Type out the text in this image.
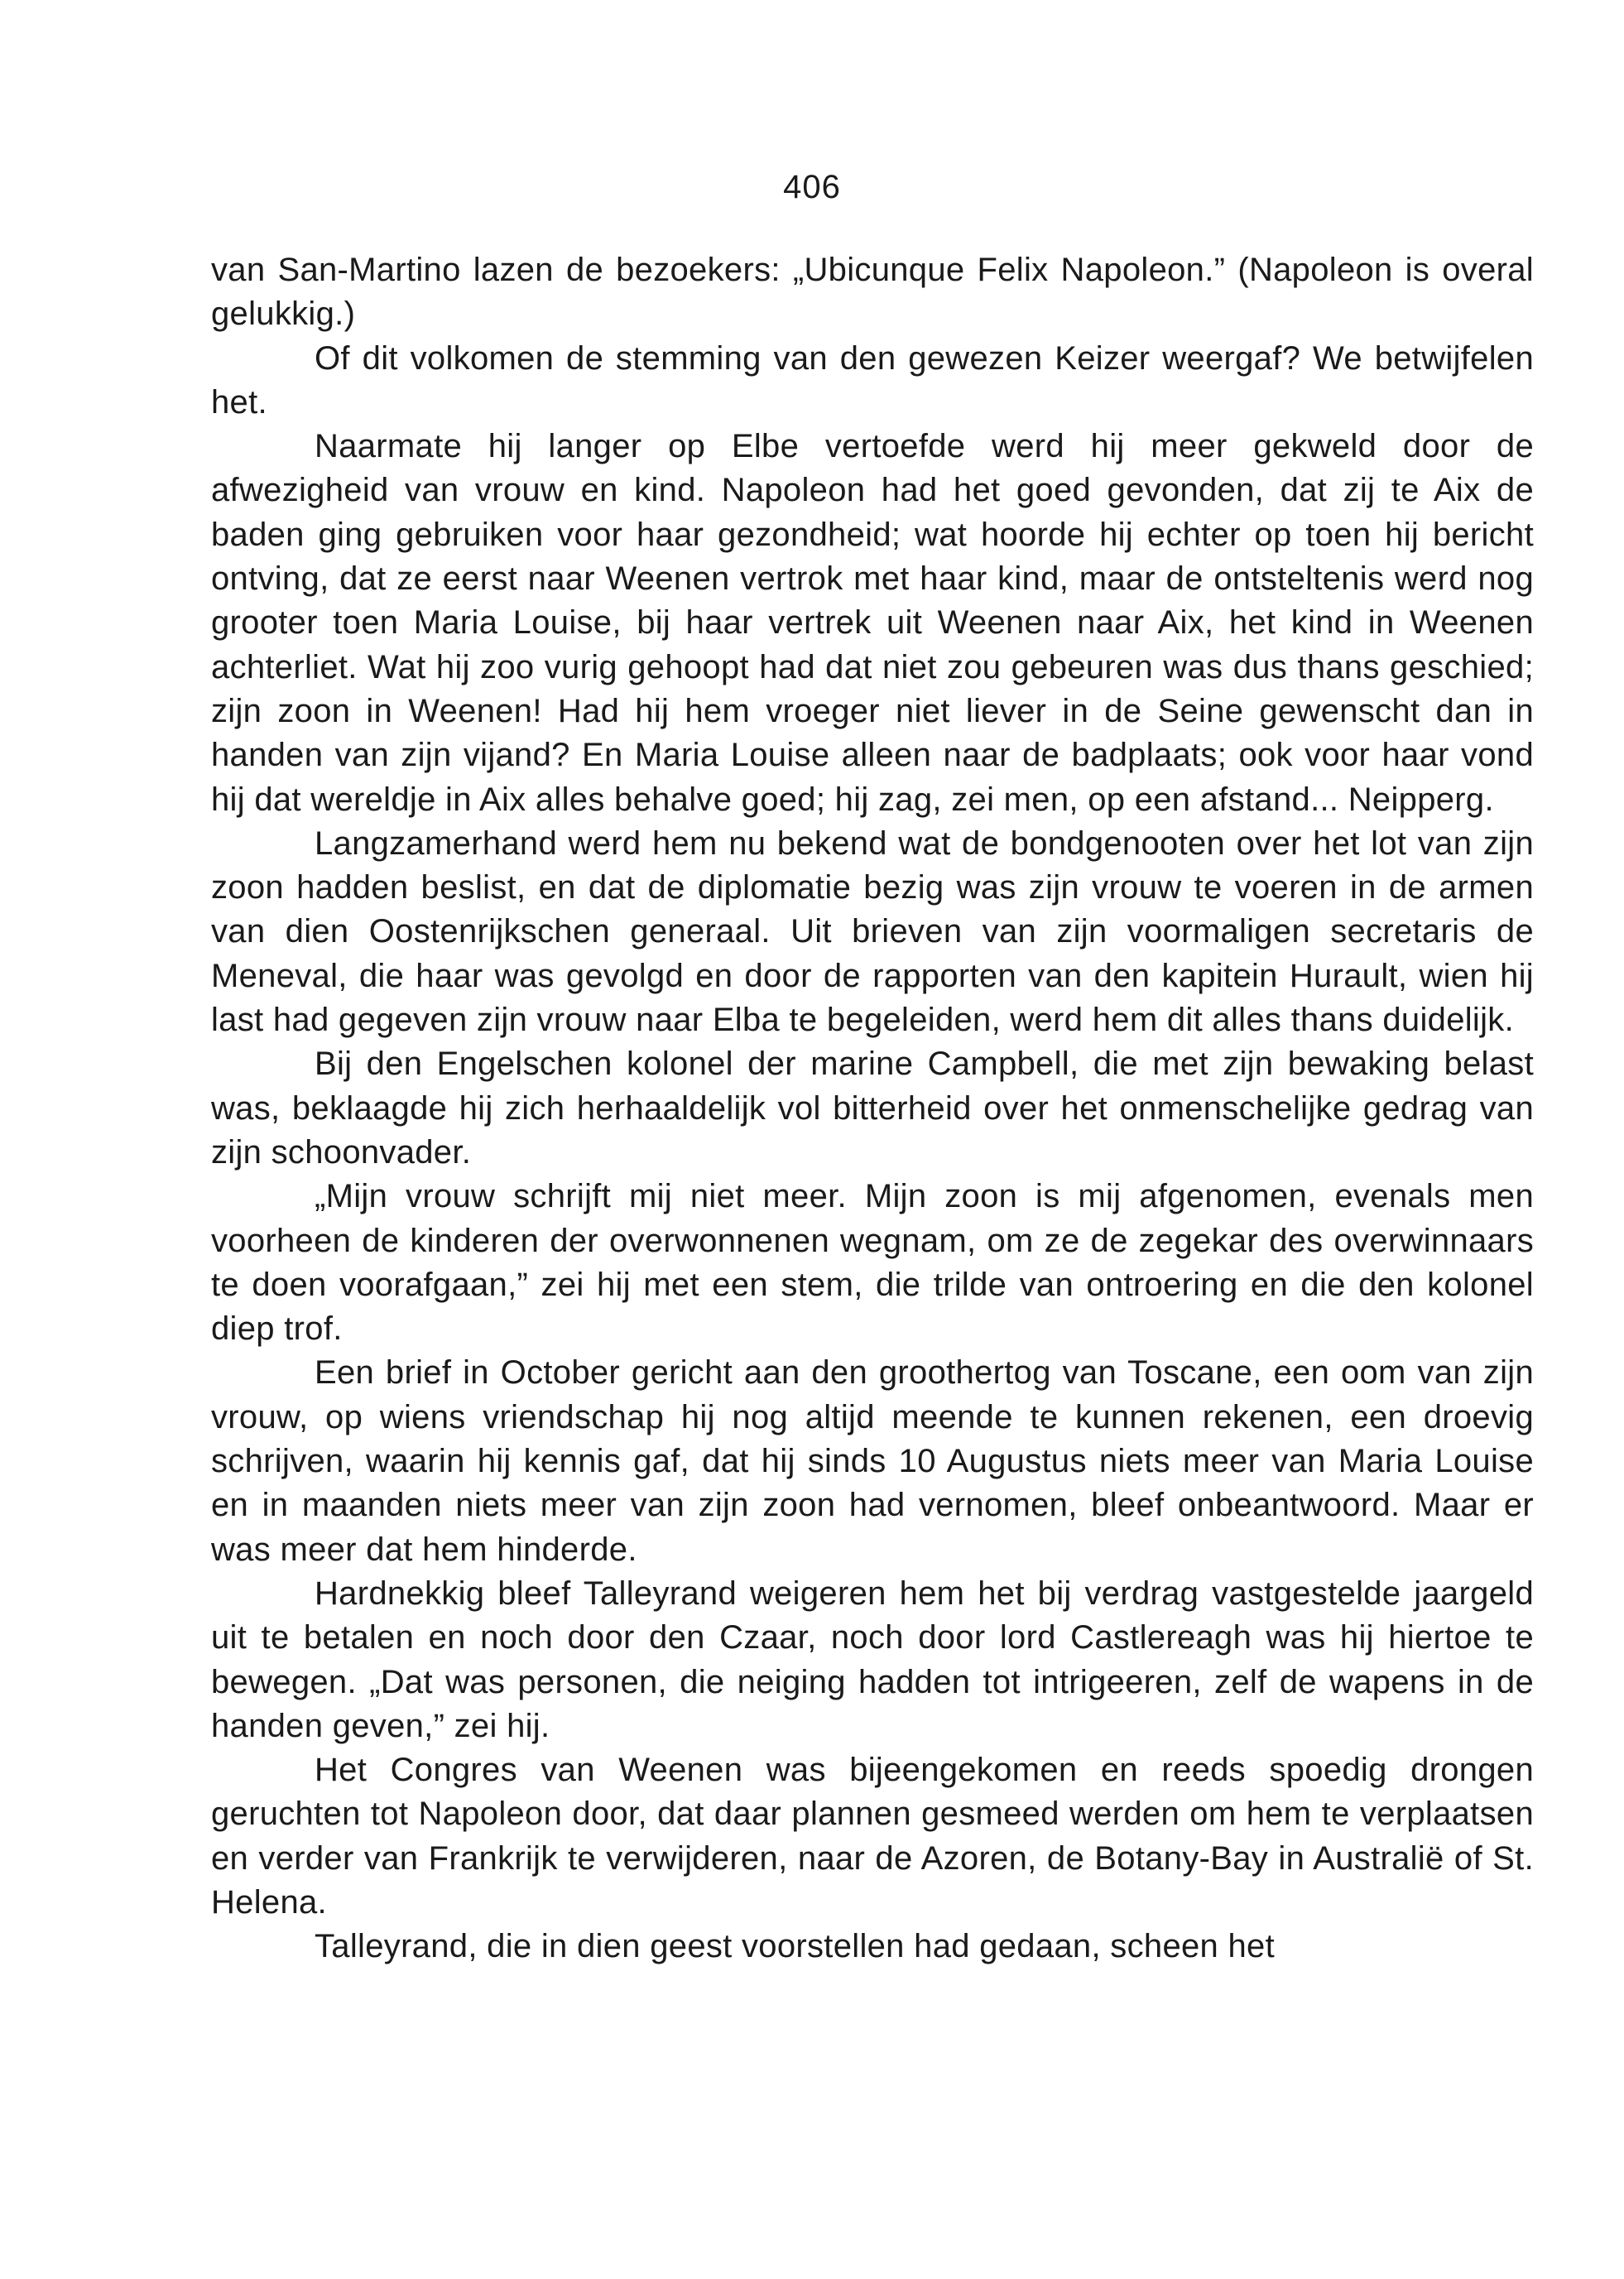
406

van San-Martino lazen de bezoekers: „Ubicunque Felix Napoleon.” (Napoleon is overal gelukkig.)

Of dit volkomen de stemming van den gewezen Keizer weergaf? We betwijfelen het.

Naarmate hij langer op Elbe vertoefde werd hij meer gekweld door de afwezigheid van vrouw en kind. Napoleon had het goed gevonden, dat zij te Aix de baden ging gebruiken voor haar gezondheid; wat hoorde hij echter op toen hij bericht ontving, dat ze eerst naar Weenen vertrok met haar kind, maar de ontsteltenis werd nog grooter toen Maria Louise, bij haar vertrek uit Weenen naar Aix, het kind in Weenen achterliet. Wat hij zoo vurig gehoopt had dat niet zou gebeuren was dus thans geschied; zijn zoon in Weenen! Had hij hem vroeger niet liever in de Seine gewenscht dan in handen van zijn vijand? En Maria Louise alleen naar de badplaats; ook voor haar vond hij dat wereldje in Aix alles behalve goed; hij zag, zei men, op een afstand... Neipperg.

Langzamerhand werd hem nu bekend wat de bondgenooten over het lot van zijn zoon hadden beslist, en dat de diplomatie bezig was zijn vrouw te voeren in de armen van dien Oostenrijkschen generaal. Uit brieven van zijn voormaligen secretaris de Meneval, die haar was gevolgd en door de rapporten van den kapitein Hurault, wien hij last had gegeven zijn vrouw naar Elba te begeleiden, werd hem dit alles thans duidelijk.

Bij den Engelschen kolonel der marine Campbell, die met zijn bewaking belast was, beklaagde hij zich herhaaldelijk vol bitterheid over het onmenschelijke gedrag van zijn schoonvader.

„Mijn vrouw schrijft mij niet meer. Mijn zoon is mij afgenomen, evenals men voorheen de kinderen der overwonnenen wegnam, om ze de zegekar des overwinnaars te doen voorafgaan,” zei hij met een stem, die trilde van ontroering en die den kolonel diep trof.

Een brief in October gericht aan den groothertog van Toscane, een oom van zijn vrouw, op wiens vriendschap hij nog altijd meende te kunnen rekenen, een droevig schrijven, waarin hij kennis gaf, dat hij sinds 10 Augustus niets meer van Maria Louise en in maanden niets meer van zijn zoon had vernomen, bleef onbeantwoord. Maar er was meer dat hem hinderde.

Hardnekkig bleef Talleyrand weigeren hem het bij verdrag vastgestelde jaargeld uit te betalen en noch door den Czaar, noch door lord Castlereagh was hij hiertoe te bewegen. „Dat was personen, die neiging hadden tot intrigeeren, zelf de wapens in de handen geven,” zei hij.

Het Congres van Weenen was bijeengekomen en reeds spoedig drongen geruchten tot Napoleon door, dat daar plannen gesmeed werden om hem te verplaatsen en verder van Frankrijk te verwijderen, naar de Azoren, de Botany-Bay in Australië of St. Helena.

Talleyrand, die in dien geest voorstellen had gedaan, scheen het
